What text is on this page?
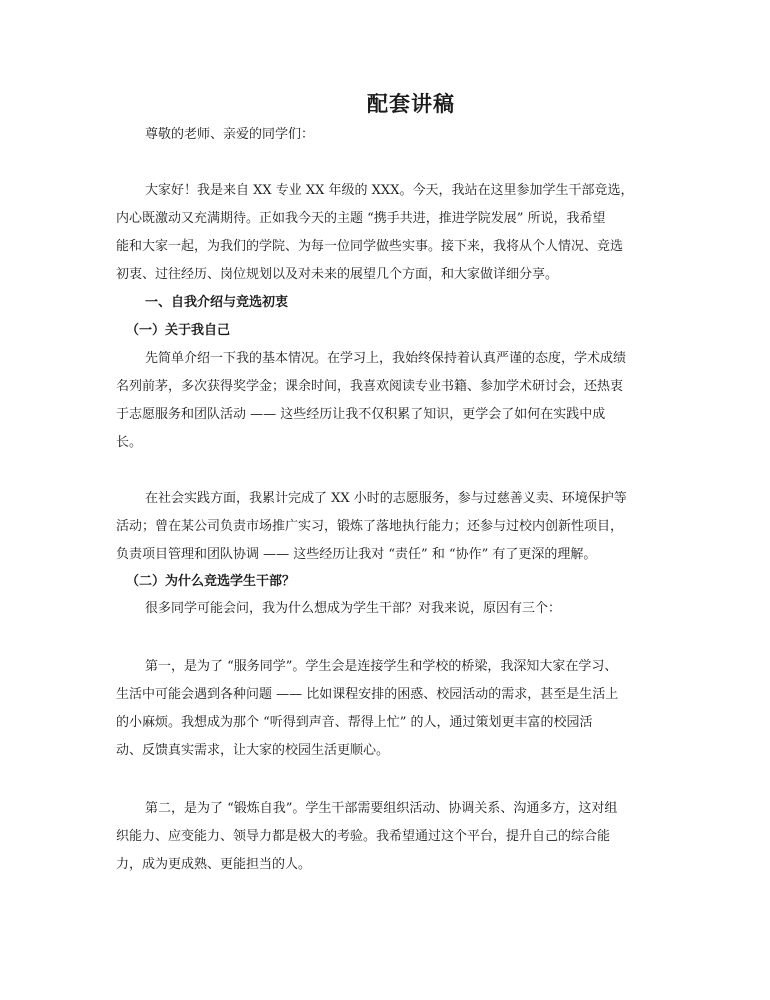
配套讲稿
尊敬的老师、亲爱的同学们：
大家好！我是来自 XX 专业 XX 年级的 XXX。今天，我站在这里参加学生干部竞选，
内心既激动又充满期待。正如我今天的主题 “携手共进，推进学院发展” 所说，我希望
能和大家一起，为我们的学院、为每一位同学做些实事。接下来，我将从个人情况、竞选
初衷、过往经历、岗位规划以及对未来的展望几个方面，和大家做详细分享。
一、自我介绍与竞选初衷
（一）关于我自己
先简单介绍一下我的基本情况。在学习上，我始终保持着认真严谨的态度，学术成绩
名列前茅，多次获得奖学金；课余时间，我喜欢阅读专业书籍、参加学术研讨会，还热衷
于志愿服务和团队活动 —— 这些经历让我不仅积累了知识，更学会了如何在实践中成
长。
在社会实践方面，我累计完成了 XX 小时的志愿服务，参与过慈善义卖、环境保护等
活动；曾在某公司负责市场推广实习，锻炼了落地执行能力；还参与过校内创新性项目，
负责项目管理和团队协调 —— 这些经历让我对 “责任” 和 “协作” 有了更深的理解。
（二）为什么竞选学生干部？
很多同学可能会问，我为什么想成为学生干部？对我来说，原因有三个：
第一，是为了 “服务同学”。学生会是连接学生和学校的桥梁，我深知大家在学习、
生活中可能会遇到各种问题 —— 比如课程安排的困惑、校园活动的需求，甚至是生活上
的小麻烦。我想成为那个 “听得到声音、帮得上忙” 的人，通过策划更丰富的校园活
动、反馈真实需求，让大家的校园生活更顺心。
第二，是为了 “锻炼自我”。学生干部需要组织活动、协调关系、沟通多方，这对组
织能力、应变能力、领导力都是极大的考验。我希望通过这个平台，提升自己的综合能
力，成为更成熟、更能担当的人。
